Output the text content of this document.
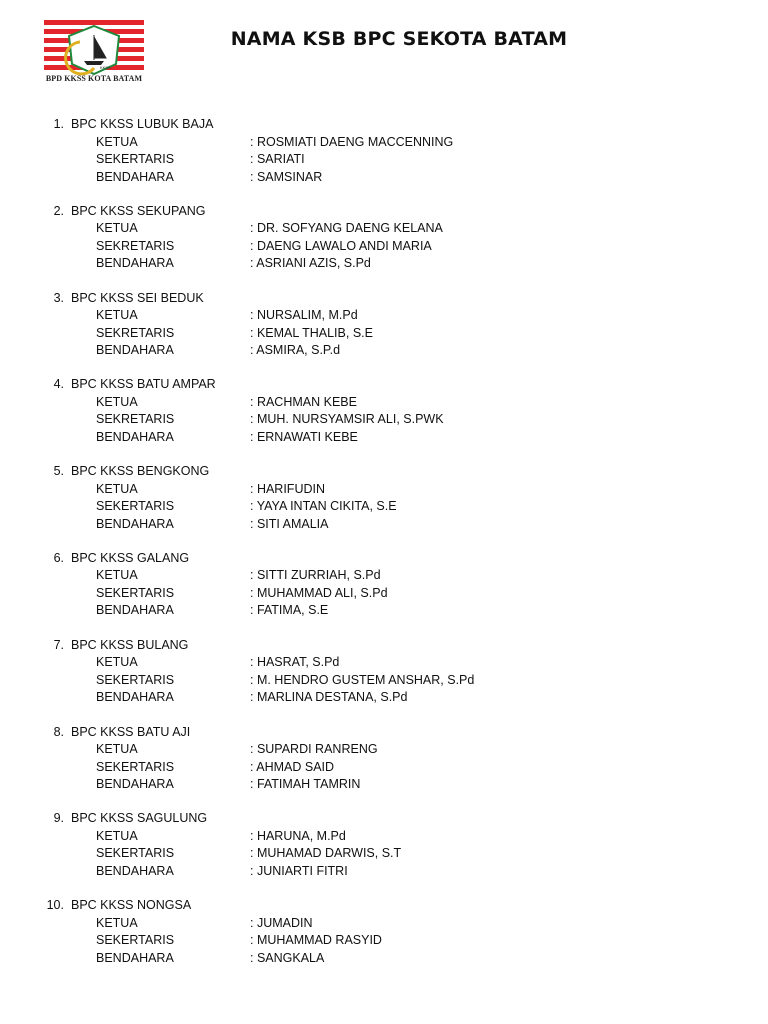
KKSS
BPD KKSS KOTA BATAM
NAMA KSB BPC SEKOTA BATAM
1. BPC KKSS LUBUK BAJA
KETUA	: ROSMIATI DAENG MACCENNING
SEKERTARIS	: SARIATI
BENDAHARA	: SAMSINAR
2. BPC KKSS SEKUPANG
KETUA	: DR. SOFYANG DAENG KELANA
SEKRETARIS	: DAENG LAWALO ANDI MARIA
BENDAHARA	: ASRIANI AZIS, S.Pd
3. BPC KKSS SEI BEDUK
KETUA	: NURSALIM, M.Pd
SEKRETARIS	: KEMAL THALIB, S.E
BENDAHARA	: ASMIRA, S.P.d
4. BPC KKSS BATU AMPAR
KETUA	: RACHMAN KEBE
SEKRETARIS	: MUH. NURSYAMSIR ALI, S.PWK
BENDAHARA	: ERNAWATI KEBE
5. BPC KKSS BENGKONG
KETUA	: HARIFUDIN
SEKERTARIS	: YAYA INTAN CIKITA, S.E
BENDAHARA	: SITI AMALIA
6. BPC KKSS GALANG
KETUA	: SITTI ZURRIAH, S.Pd
SEKERTARIS	: MUHAMMAD ALI, S.Pd
BENDAHARA	: FATIMA, S.E
7. BPC KKSS BULANG
KETUA	: HASRAT, S.Pd
SEKERTARIS	: M. HENDRO GUSTEM ANSHAR, S.Pd
BENDAHARA	: MARLINA DESTANA, S.Pd
8. BPC KKSS BATU AJI
KETUA	: SUPARDI RANRENG
SEKERTARIS	: AHMAD SAID
BENDAHARA	: FATIMAH TAMRIN
9. BPC KKSS SAGULUNG
KETUA	: HARUNA, M.Pd
SEKERTARIS	: MUHAMAD DARWIS, S.T
BENDAHARA	: JUNIARTI FITRI
10. BPC KKSS NONGSA
KETUA	: JUMADIN
SEKERTARIS	: MUHAMMAD RASYID
BENDAHARA	: SANGKALA
